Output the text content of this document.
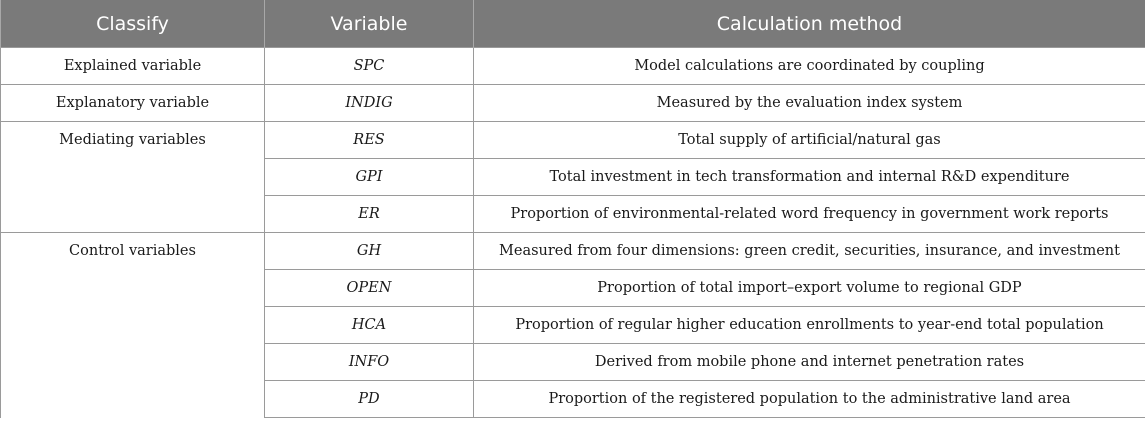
Classify	Variable	Calculation method
Explained variable	SPC	Model calculations are coordinated by coupling
Explanatory variable	INDIG	Measured by the evaluation index system
Mediating variables	RES	Total supply of artificial/natural gas
	GPI	Total investment in tech transformation and internal R&D expenditure
	ER	Proportion of environmental-related word frequency in government work reports
Control variables	GH	Measured from four dimensions: green credit, securities, insurance, and investment
	OPEN	Proportion of total import–export volume to regional GDP
	HCA	Proportion of regular higher education enrollments to year-end total population
	INFO	Derived from mobile phone and internet penetration rates
	PD	Proportion of the registered population to the administrative land area
